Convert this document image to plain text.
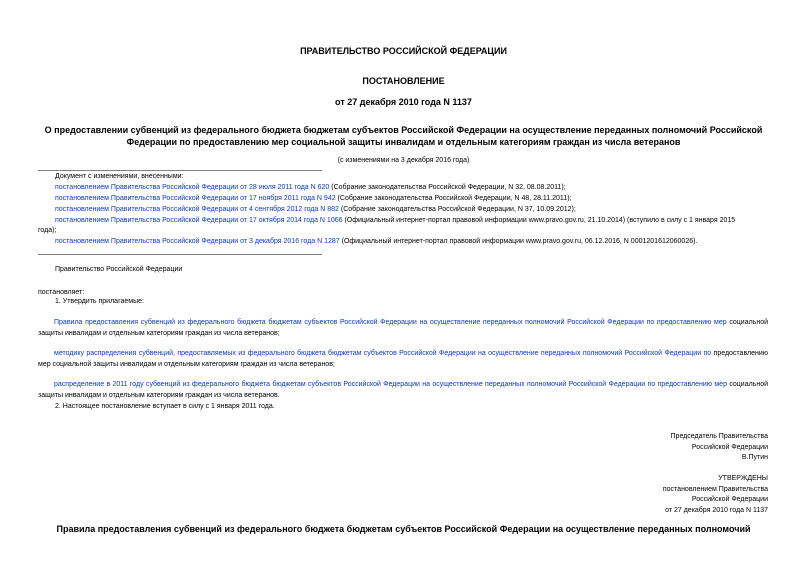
ПРАВИТЕЛЬСТВО РОССИЙСКОЙ ФЕДЕРАЦИИ
ПОСТАНОВЛЕНИЕ
от 27 декабря 2010 года N 1137
О предоставлении субвенций из федерального бюджета бюджетам субъектов Российской Федерации на осуществление переданных полномочий Российской
Федерации по предоставлению мер социальной защиты инвалидам и отдельным категориям граждан из числа ветеранов
(с изменениями на 3 декабря 2016 года)
Документ с изменениями, внесенными:
постановлением Правительства Российской Федерации от 28 июля 2011 года N 620 (Собрание законодательства Российской Федерации, N 32, 08.08.2011);
постановлением Правительства Российской Федерации от 17 ноября 2011 года N 942 (Собрание законодательства Российской Федерации, N 48, 28.11.2011);
постановлением Правительства Российской Федерации от 4 сентября 2012 года N 882 (Собрание законодательства Российской Федерации, N 37, 10.09.2012);
постановлением Правительства Российской Федерации от 17 октября 2014 года N 1066 (Официальный интернет-портал правовой информации www.pravo.gov.ru, 21.10.2014) (вступило в силу с 1 января 2015
года);
постановлением Правительства Российской Федерации от 3 декабря 2016 года N 1287 (Официальный интернет-портал правовой информации www.pravo.gov.ru, 06.12.2016, N 0001201612060026).
Правительство Российской Федерации
постановляет:
1. Утвердить прилагаемые:
Правила предоставления субвенций из федерального бюджета бюджетам субъектов Российской Федерации на осуществление переданных полномочий Российской Федерации по предоставлению мер социальной защиты инвалидам и отдельным категориям граждан из числа ветеранов;
методику распределения субвенций, предоставляемых из федерального бюджета бюджетам субъектов Российской Федерации на осуществление переданных полномочий Российской Федерации по предоставлению мер социальной защиты инвалидам и отдельным категориям граждан из числа ветеранов;
распределение в 2011 году субвенций из федерального бюджета бюджетам субъектов Российской Федерации на осуществление переданных полномочий Российской Федерации по предоставлению мер социальной защиты инвалидам и отдельным категориям граждан из числа ветеранов.
2. Настоящее постановление вступает в силу с 1 января 2011 года.
Председатель Правительства
Российской Федерации
В.Путин
УТВЕРЖДЕНЫ
постановлением Правительства
Российской Федерации
от 27 декабря 2010 года N 1137
Правила предоставления субвенций из федерального бюджета бюджетам субъектов Российской Федерации на осуществление переданных полномочий
